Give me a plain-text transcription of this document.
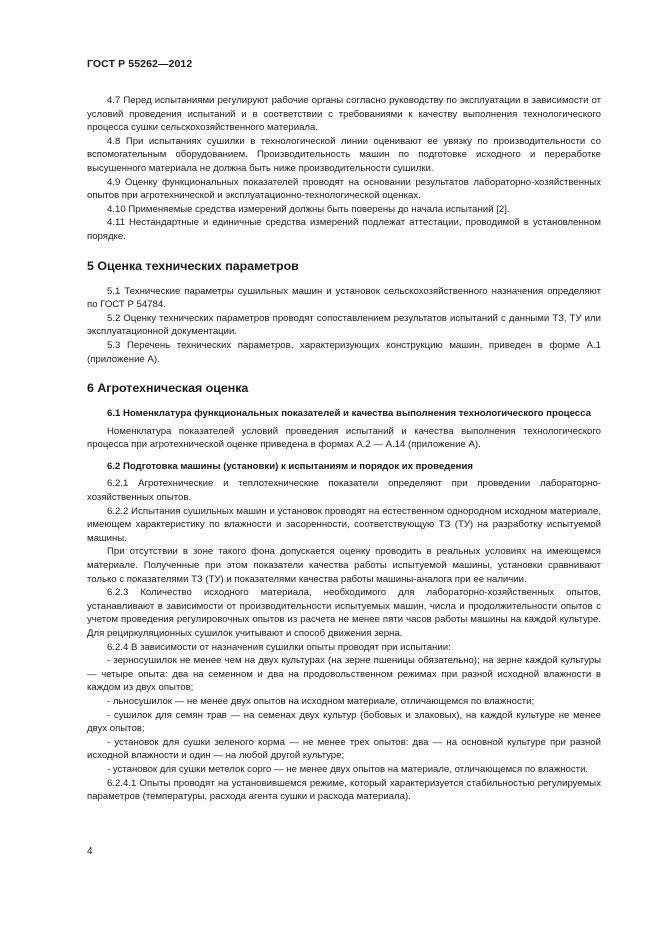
ГОСТ Р 55262—2012

4.7 Перед испытаниями регулируют рабочие органы согласно руководству по эксплуатации в зависимости от условий проведения испытаний и в соответствии с требованиями к качеству выполнения технологического процесса сушки сельскохозяйственного материала.

4.8 При испытаниях сушилки в технологической линии оценивают ее увязку по производительности со вспомогательным оборудованием. Производительность машин по подготовке исходного и переработке высушенного материала не должна быть ниже производительности сушилки.

4.9 Оценку функциональных показателей проводят на основании результатов лабораторно-хозяйственных опытов при агротехнической и эксплуатационно-технологической оценках.

4.10 Применяемые средства измерений должны быть поверены до начала испытаний [2].

4.11 Нестандартные и единичные средства измерений подлежат аттестации, проводимой в установленном порядке.

5 Оценка технических параметров

5.1 Технические параметры сушильных машин и установок сельскохозяйственного назначения определяют по ГОСТ Р 54784.

5.2 Оценку технических параметров проводят сопоставлением результатов испытаний с данными ТЗ, ТУ или эксплуатационной документации.

5.3 Перечень технических параметров, характеризующих конструкцию машин, приведен в форме А.1 (приложение А).

6 Агротехническая оценка
6.1 Номенклатура функциональных показателей и качества выполнения технологического процесса

Номенклатура показателей условий проведения испытаний и качества выполнения технологического процесса при агротехнической оценке приведена в формах А.2 — А.14 (приложение А).

6.2 Подготовка машины (установки) к испытаниям и порядок их проведения

6.2.1 Агротехнические и теплотехнические показатели определяют при проведении лабораторно-хозяйственных опытов.

6.2.2 Испытания сушильных машин и установок проводят на естественном однородном исходном материале, имеющем характеристику по влажности и засоренности, соответствующую ТЗ (ТУ) на разработку испытуемой машины.

При отсутствии в зоне такого фона допускается оценку проводить в реальных условиях на имеющемся материале. Полученные при этом показатели качества работы испытуемой машины, установки сравнивают только с показателями ТЗ (ТУ) и показателями качества работы машины-аналога при ее наличии.

6.2.3 Количество исходного материала, необходимого для лабораторно-хозяйственных опытов, устанавливают в зависимости от производительности испытуемых машин, числа и продолжительности опытов с учетом проведения регулировочных опытов из расчета не менее пяти часов работы машины на каждой культуре. Для рециркуляционных сушилок учитывают и способ движения зерна.

6.2.4 В зависимости от назначения сушилки опыты проводят при испытании:

- зерносушилок не менее чем на двух культурах (на зерне пшеницы обязательно); на зерне каждой культуры — четыре опыта: два на семенном и два на продовольственном режимах при разной исходной влажности в каждом из двух опытов;

- льносушилок — не менее двух опытов на исходном материале, отличающемся по влажности;

- сушилок для семян трав — на семенах двух культур (бобовых и злаковых), на каждой культуре не менее двух опытов;

- установок для сушки зеленого корма — не менее трех опытов: два — на основной культуре при разной исходной влажности и один — на любой другой культуре;

- установок для сушки метелок сорго — не менее двух опытов на материале, отличающемся по влажности.

6.2.4.1 Опыты проводят на установившемся режиме, который характеризуется стабильностью регулируемых параметров (температуры, расхода агента сушки и расхода материала).

4
